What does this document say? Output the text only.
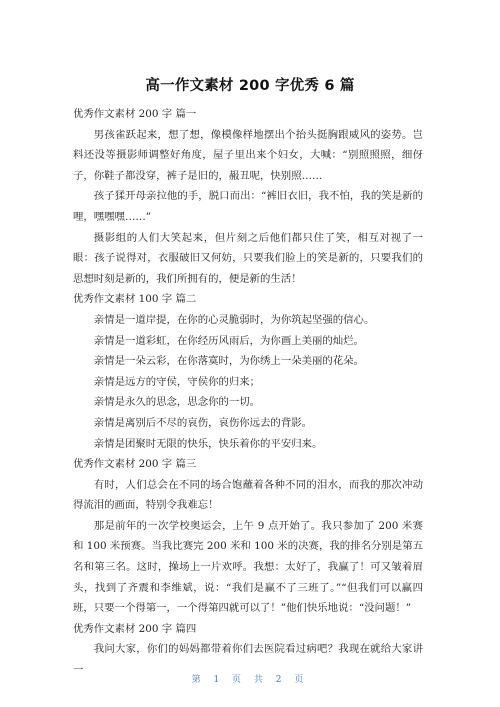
高一作文素材 200 字优秀 6 篇

优秀作文素材 200 字 篇一

男孩雀跃起来，想了想，像模像样地摆出个抬头挺胸跟威风的姿势。岂料还没等摄影师调整好角度，屋子里出来个妇女，大喊：“别照照照，细伢子，你鞋子都没穿，裤子是旧的，赧丑呢，快别照……

孩子猱开母亲拉他的手，脱口而出：“裤旧衣旧，我不怕，我的笑是新的哩，嘿嘿嘿……”

摄影组的人们大笑起来，但片刻之后他们都只住了笑，相互对视了一眼：孩子说得对，衣服破旧又何妨，只要我们脸上的笑是新的，只要我们的思想时刻是新的，我们所拥有的，便是新的生活！

优秀作文素材 100 字 篇二

亲情是一道岸提，在你的心灵脆弱时，为你筑起坚强的信心。

亲情是一道彩虹，在你经历风雨后，为你画上美丽的灿烂。

亲情是一朵云彩，在你落寞时，为你绣上一朵美丽的花朵。

亲情是远方的守侯，守侯你的归来；

亲情是永久的思念，思念你的一切。

亲情是离别后不尽的哀伤，哀伤你远去的背影。

亲情是团聚时无限的快乐，快乐着你的平安归来。

优秀作文素材 200 字 篇三

有时，人们总会在不同的场合饱蘸着各种不同的泪水，而我的那次冲动得流泪的画面，特别令我难忘！

那是前年的一次学校奥运会，上午 9 点开始了。我只参加了 200 米赛和 100 米预赛。当我比赛完 200 米和 100 米的决赛，我的排名分别是第五名和第三名。这时，操场上一片欢呼。我想：太好了，我赢了！可又皱着眉头，找到了齐震和李维斌，说：“我们是赢不了三班了。”“但我们可以赢四班，只要一个得第一，一个得第四就可以了！”他们快乐地说：“没问题！”

优秀作文素材 200 字 篇四

我问大家，你们的妈妈都带着你们去医院看过病吧？我现在就给大家讲一

第 1 页 共 2 页
